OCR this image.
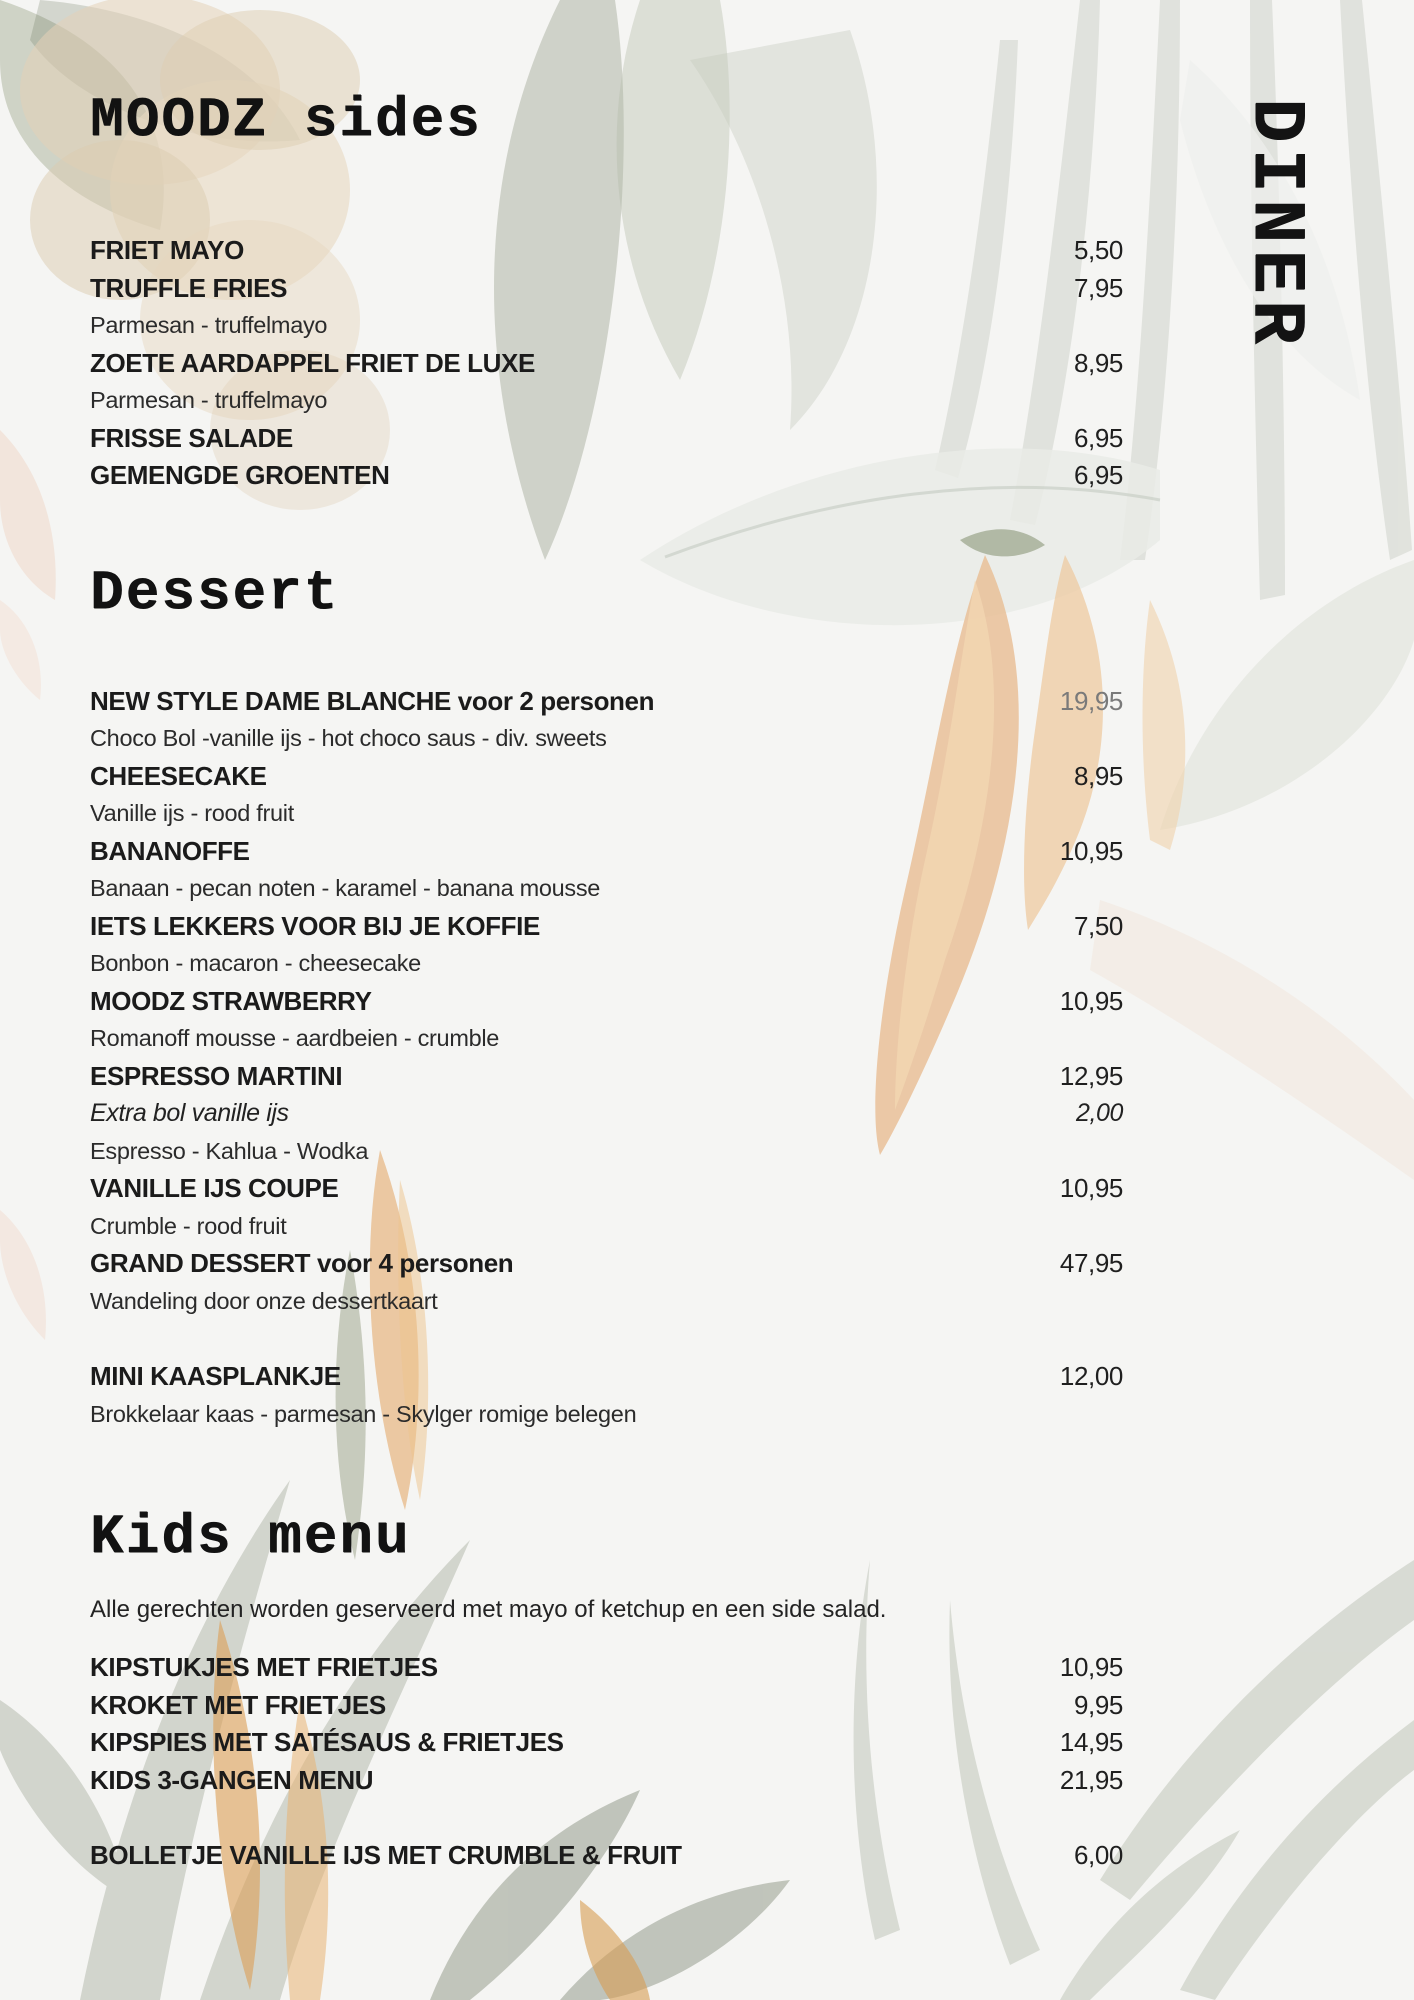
DINER
MOODZ sides
FRIET MAYO	5,50
TRUFFLE FRIES	7,95
Parmesan - truffelmayo
ZOETE AARDAPPEL FRIET DE LUXE	8,95
Parmesan - truffelmayo
FRISSE SALADE	6,95
GEMENGDE GROENTEN	6,95
Dessert
NEW STYLE DAME BLANCHE voor 2 personen	19,95
Choco Bol -vanille ijs - hot choco saus - div. sweets
CHEESECAKE	8,95
Vanille ijs - rood fruit
BANANOFFE	10,95
Banaan - pecan noten - karamel - banana mousse
IETS LEKKERS VOOR BIJ JE KOFFIE	7,50
Bonbon - macaron - cheesecake
MOODZ STRAWBERRY	10,95
Romanoff mousse - aardbeien - crumble
ESPRESSO MARTINI	12,95
Extra bol vanille ijs	2,00
Espresso - Kahlua - Wodka
VANILLE IJS COUPE	10,95
Crumble - rood fruit
GRAND DESSERT voor 4 personen	47,95
Wandeling door onze dessertkaart
MINI KAASPLANKJE	12,00
Brokkelaar kaas - parmesan - Skylger romige belegen
Kids menu
Alle gerechten worden geserveerd met mayo of ketchup en een side salad.
KIPSTUKJES MET FRIETJES	10,95
KROKET MET FRIETJES	9,95
KIPSPIES MET SATÉSAUS & FRIETJES	14,95
KIDS 3-GANGEN MENU	21,95
BOLLETJE VANILLE IJS MET CRUMBLE & FRUIT	6,00
